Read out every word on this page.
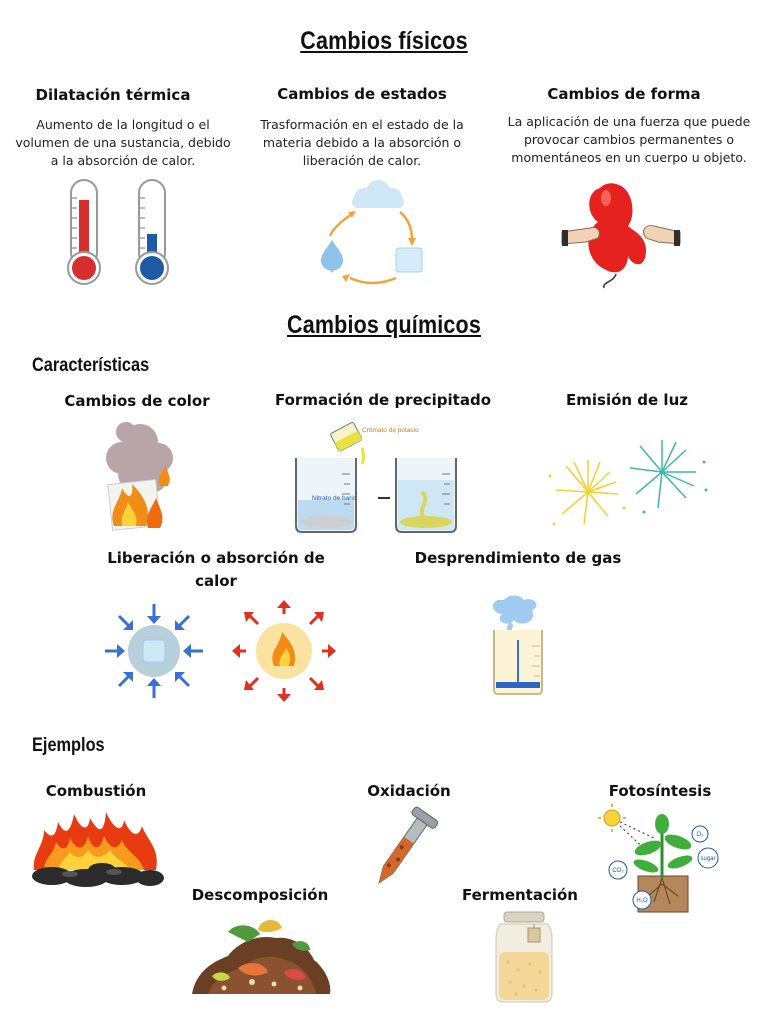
Cambios físicos
Dilatación térmica
Aumento de la longitud o el volumen de una sustancia, debido a la absorción de calor.
Cambios de estados
Trasformación en el estado de la materia debido a la absorción o liberación de calor.
Cambios de forma
La aplicación de una fuerza que puede provocar cambios permanentes o momentáneos en un cuerpo u objeto.
Cambios químicos
Características
Cambios de color	Formación de precipitado	Emisión de luz
Cromato de potasio
Nitrato de bario
Liberación o absorción de calor
Desprendimiento de gas
Ejemplos
Combustión	Oxidación	Fotosíntesis
Descomposición	Fermentación
O₂
CO₂
sugar
H₂O
